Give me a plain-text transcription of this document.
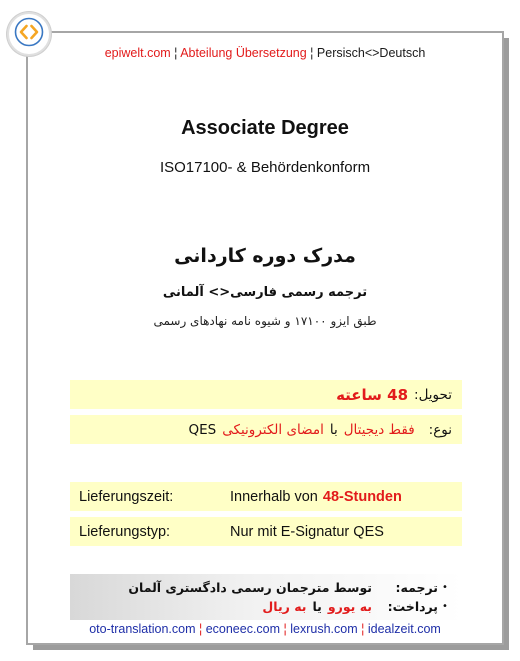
epiwelt.com ¦ Abteilung Übersetzung ¦ Persisch<>Deutsch
Associate Degree
ISO17100- & Behördenkonform
مدرک دوره کاردانی
ترجمه رسمی فارسی<> آلمانی
طبق ایزو ۱۷۱۰۰ و شیوه نامه نهادهای رسمی
تحویل:
48 ساعته
نوع:
فقط دیجیتال
با
امضای الکترونیکی
QES
Lieferungszeit:	Innerhalb von 48-Stunden
Lieferungstyp:	Nur mit E-Signatur QES
•
ترجمه:
توسط مترجمان رسمی دادگستری آلمان
•
پرداخت:
به یورو
یا
به ریال
oto-translation.com ¦ econeec.com ¦ lexrush.com ¦ idealzeit.com
